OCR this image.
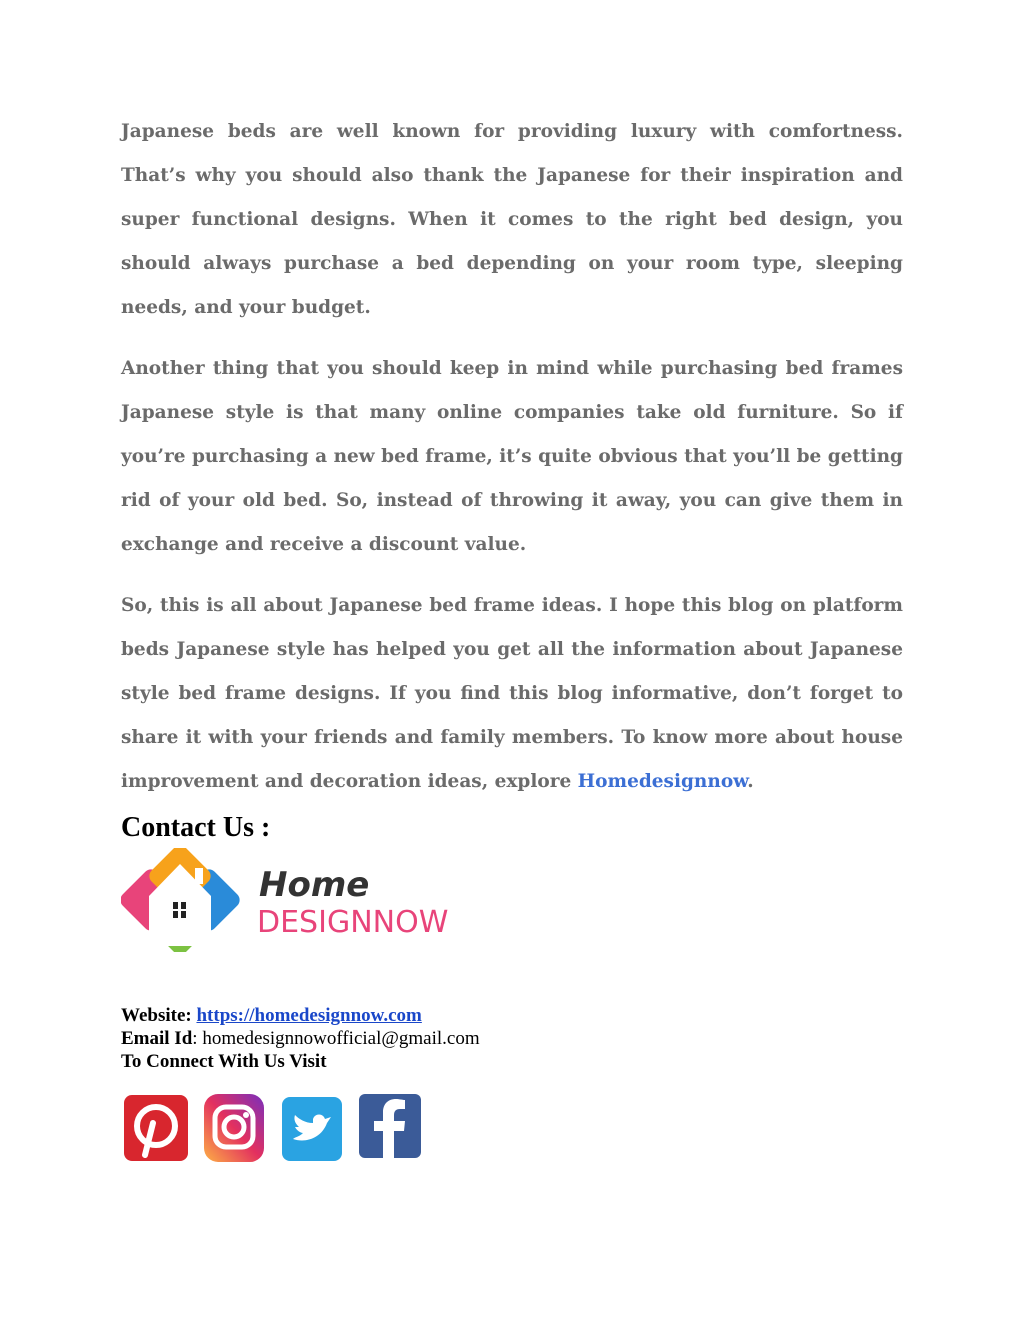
Japanese beds are well known for providing luxury with comfortness. That’s why you should also thank the Japanese for their inspiration and super functional designs. When it comes to the right bed design, you should always purchase a bed depending on your room type, sleeping needs, and your budget.

Another thing that you should keep in mind while purchasing bed frames Japanese style is that many online companies take old furniture. So if you’re purchasing a new bed frame, it’s quite obvious that you’ll be getting rid of your old bed. So, instead of throwing it away, you can give them in exchange and receive a discount value.

So, this is all about Japanese bed frame ideas. I hope this blog on platform beds Japanese style has helped you get all the information about Japanese style bed frame designs. If you find this blog informative, don’t forget to share it with your friends and family members. To know more about house improvement and decoration ideas, explore Homedesignnow.

Contact Us :
Home
DESIGNNOW
Website: https://homedesignnow.com
Email Id: homedesignnowofficial@gmail.com
To Connect With Us Visit
